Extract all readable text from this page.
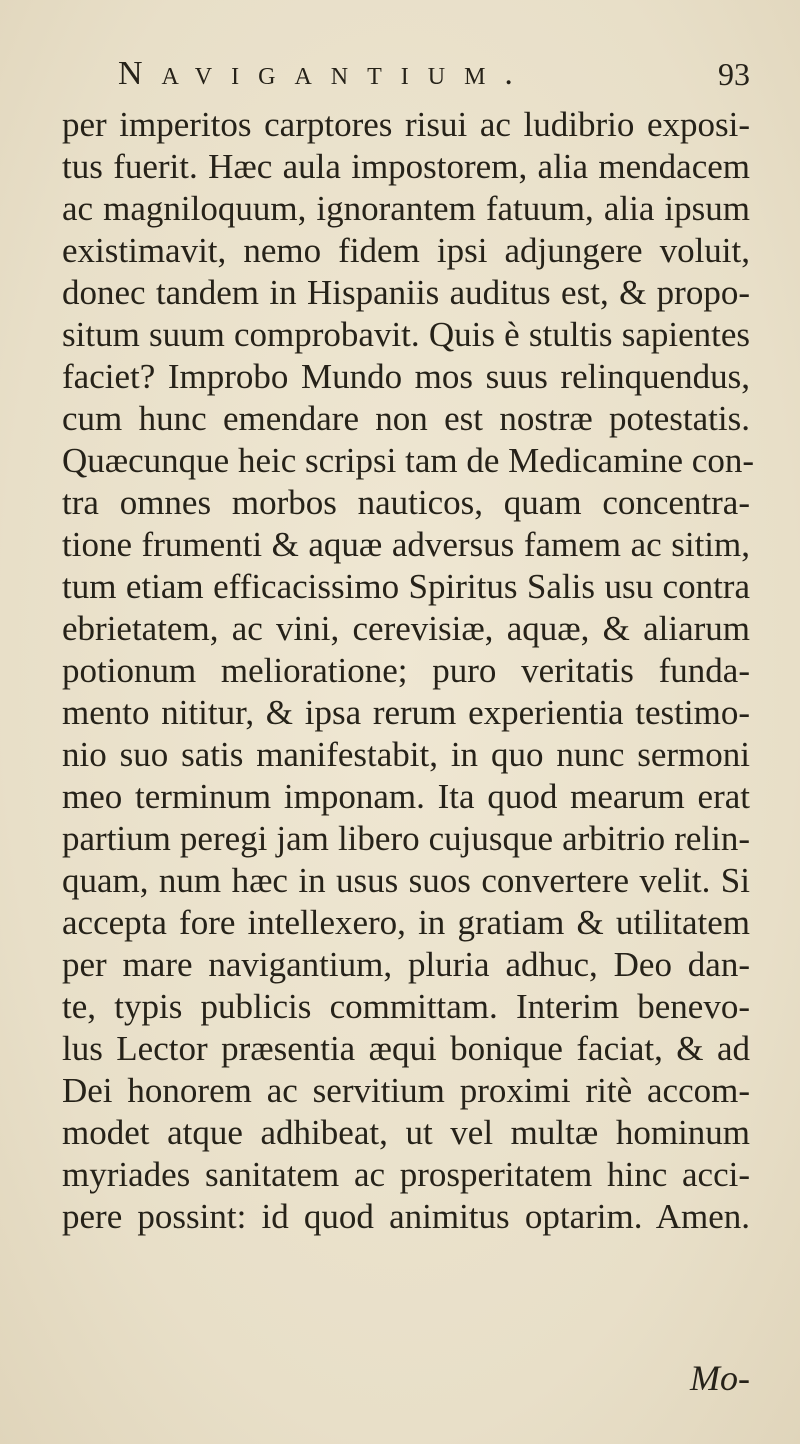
Navigantium.	93
per imperitos carptores risui ac ludibrio exposi-
tus fuerit. Hæc aula impostorem, alia mendacem
ac magniloquum, ignorantem fatuum, alia ipsum
existimavit, nemo fidem ipsi adjungere voluit,
donec tandem in Hispaniis auditus est, & propo-
situm suum comprobavit. Quis è stultis sapientes
faciet? Improbo Mundo mos suus relinquendus,
cum hunc emendare non est nostræ potestatis.
Quæcunque heic scripsi tam de Medicamine con-
tra omnes morbos nauticos, quam concentra-
tione frumenti & aquæ adversus famem ac sitim,
tum etiam efficacissimo Spiritus Salis usu contra
ebrietatem, ac vini, cerevisiæ, aquæ, & aliarum
potionum melioratione; puro veritatis funda-
mento nititur, & ipsa rerum experientia testimo-
nio suo satis manifestabit, in quo nunc sermoni
meo terminum imponam. Ita quod mearum erat
partium peregi jam libero cujusque arbitrio relin-
quam, num hæc in usus suos convertere velit. Si
accepta fore intellexero, in gratiam & utilitatem
per mare navigantium, pluria adhuc, Deo dan-
te, typis publicis committam. Interim benevo-
lus Lector præsentia æqui bonique faciat, & ad
Dei honorem ac servitium proximi ritè accom-
modet atque adhibeat, ut vel multæ hominum
myriades sanitatem ac prosperitatem hinc acci-
pere possint: id quod animitus optarim. Amen.
Mo-
